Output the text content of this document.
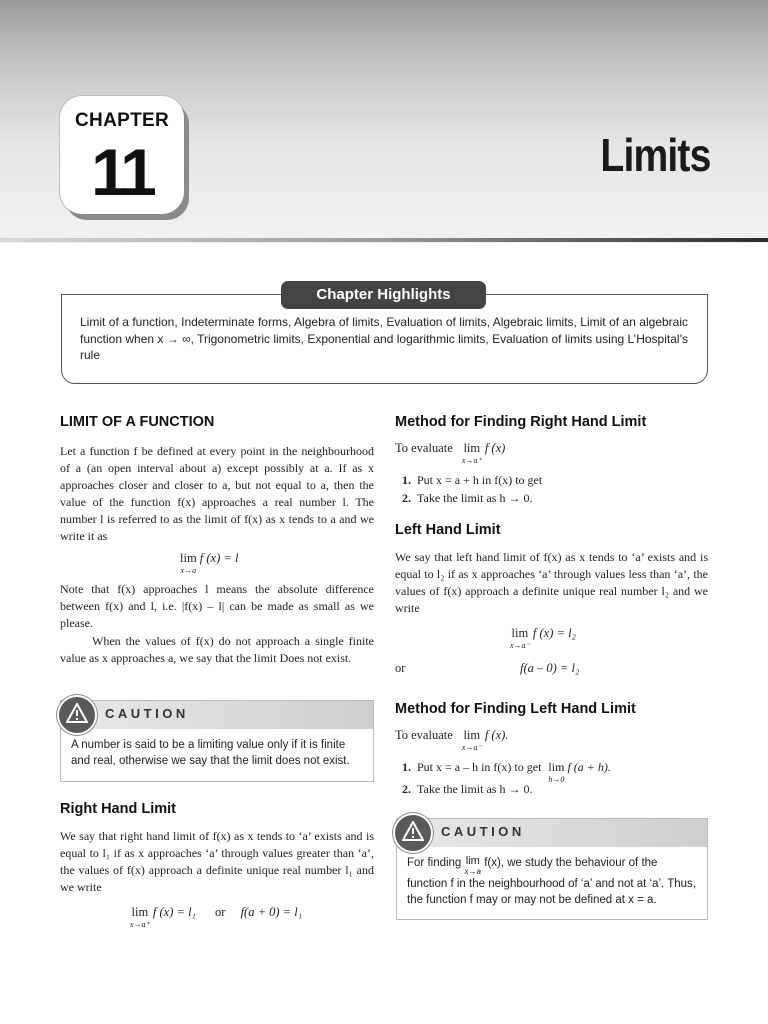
CHAPTER
11	Limits
Chapter Highlights
Limit of a function, Indeterminate forms, Algebra of limits, Evaluation of limits, Algebraic limits, Limit of an algebraic function when x → ∞, Trigonometric limits, Exponential and logarithmic limits, Evaluation of limits using L’Hospital’s rule
LIMIT OF A FUNCTION
Let a function f be defined at every point in the neighbourhood of a (an open interval about a) except possibly at a. If as x approaches closer and closer to a, but not equal to a, then the value of the function f(x) approaches a real number l. The number l is referred to as the limit of f(x) as x tends to a and we write it as
lim
x→a
f (x) = l
Note that f(x) approaches l means the absolute difference between f(x) and l, i.e. |f(x) – l| can be made as small as we please.
When the values of f(x) do not approach a single finite value as x approaches a, we say that the limit Does not exist.
CAUTION
A number is said to be a limiting value only if it is finite and real, otherwise we say that the limit does not exist.
Right Hand Limit
We say that right hand limit of f(x) as x tends to ‘a’ exists and is equal to l₁ if as x approaches ‘a’ through values greater than ‘a’, the values of f(x) approach a definite unique real number l₁ and we write
lim
x→a⁺
f (x) = l₁ or f(a + 0) = l₁
Method for Finding Right Hand Limit
To evaluate lim
x→a⁺
f (x)
1. Put x = a + h in f(x) to get
2. Take the limit as h → 0.
Left Hand Limit
We say that left hand limit of f(x) as x tends to ‘a’ exists and is equal to l₂ if as x approaches ‘a’ through values less than ‘a’, the values of f(x) approach a definite unique real number l₂ and we write
lim
x→a⁻
f (x) = l₂
or	f(a – 0) = l₂
Method for Finding Left Hand Limit
To evaluate lim
x→a⁻
f (x).
1. Put x = a – h in f(x) to get lim
h→0
f (a + h).
2. Take the limit as h → 0.
CAUTION
For finding lim
x→a
f(x), we study the behaviour of the function f in the neighbourhood of ‘a’ and not at ‘a’. Thus, the function f may or may not be defined at x = a.
